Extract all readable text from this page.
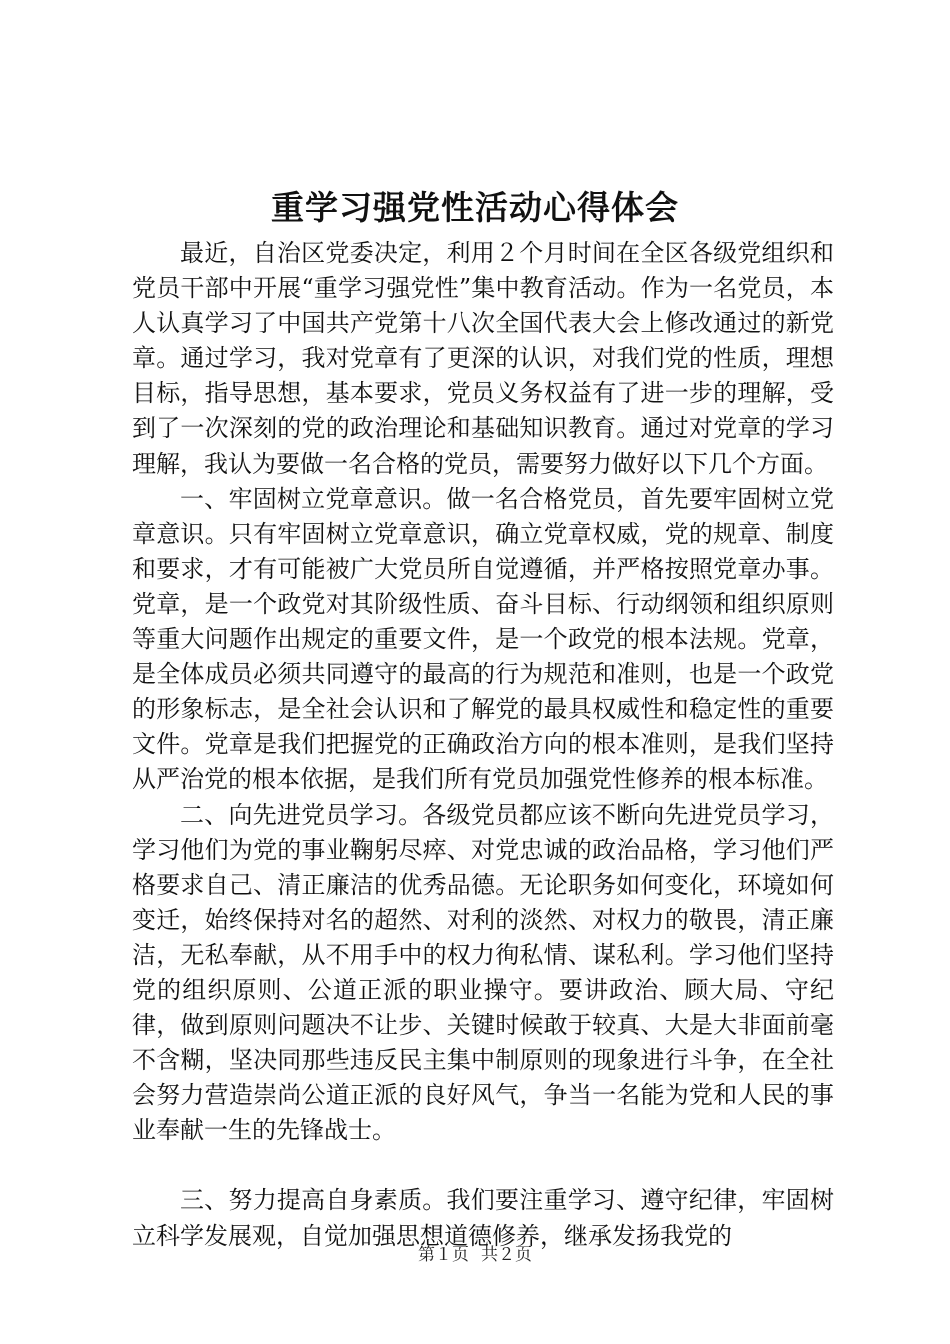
重学习强党性活动心得体会

最近，自治区党委决定，利用２个月时间在全区各级党组织和党员干部中开展“重学习强党性”集中教育活动。作为一名党员，本人认真学习了中国共产党第十八次全国代表大会上修改通过的新党章。通过学习，我对党章有了更深的认识，对我们党的性质，理想目标，指导思想，基本要求，党员义务权益有了进一步的理解，受到了一次深刻的党的政治理论和基础知识教育。通过对党章的学习理解，我认为要做一名合格的党员，需要努力做好以下几个方面。

一、牢固树立党章意识。做一名合格党员，首先要牢固树立党章意识。只有牢固树立党章意识，确立党章权威，党的规章、制度和要求，才有可能被广大党员所自觉遵循，并严格按照党章办事。党章，是一个政党对其阶级性质、奋斗目标、行动纲领和组织原则等重大问题作出规定的重要文件，是一个政党的根本法规。党章，是全体成员必须共同遵守的最高的行为规范和准则，也是一个政党的形象标志，是全社会认识和了解党的最具权威性和稳定性的重要文件。党章是我们把握党的正确政治方向的根本准则，是我们坚持从严治党的根本依据，是我们所有党员加强党性修养的根本标准。

二、向先进党员学习。各级党员都应该不断向先进党员学习，学习他们为党的事业鞠躬尽瘁、对党忠诚的政治品格，学习他们严格要求自己、清正廉洁的优秀品德。无论职务如何变化，环境如何变迁，始终保持对名的超然、对利的淡然、对权力的敬畏，清正廉洁，无私奉献，从不用手中的权力徇私情、谋私利。学习他们坚持党的组织原则、公道正派的职业操守。要讲政治、顾大局、守纪律，做到原则问题决不让步、关键时候敢于较真、大是大非面前毫不含糊，坚决同那些违反民主集中制原则的现象进行斗争，在全社会努力营造崇尚公道正派的良好风气，争当一名能为党和人民的事业奉献一生的先锋战士。

三、努力提高自身素质。我们要注重学习、遵守纪律，牢固树立科学发展观，自觉加强思想道德修养，继承发扬我党的

第１页 共２页
